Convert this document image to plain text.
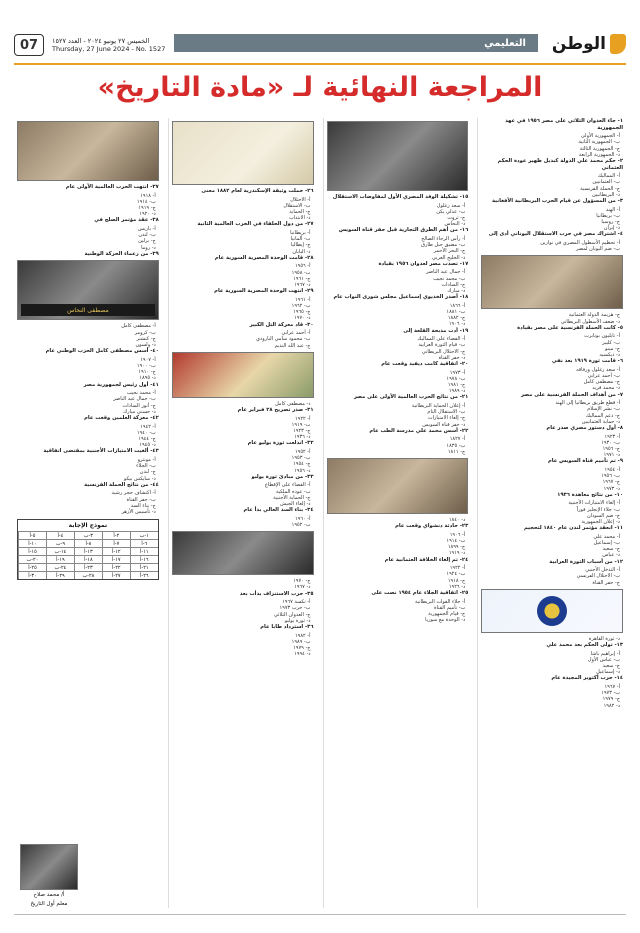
07	الخميس ٢٧ يونيو ٢٠٢٤ - العدد ١٥٢٧
Thursday, 27 June 2024 - No. 1527
التعليمي	الوطن
المراجعة النهائية لـ «مادة التاريخ»
١- جاء العدوان الثلاثي على مصر ١٩٥٦ في عهد الجمهورية
أ- الجمهورية الأولى
ب- الجمهورية الثانية
ج- الجمهورية الثالثة
د- الجمهورية الرابعة
٢- حكم محمد علي الدولة كبديل ظهير عودة الحكم العثماني
أ- المماليك
ب- العثمانيين
ج- الحملة الفرنسية
د- البريطانيين
٣- من المسؤول عن قيام الحرب البريطانية الأفغانية
أ- الهند
ب- بريطانيا
ج- روسيا
د- إيران
٤- اشتراك مصر في حرب الاستقلال اليوناني أدى إلى
أ- تحطيم الأسطول المصري في نوارين
ب- ضم اليونان لمصر
ج- هزيمة الدولة العثمانية
د- ضعف الأسطول البريطاني
٥- كانت الحملة الفرنسية على مصر بقيادة
أ- نابليون بونابرت
ب- كليبر
ج- مينو
د- ديكسيه
٦- قامت ثورة ١٩١٩ بعد نفي
أ- سعد زغلول ورفاقه
ب- أحمد عرابي
ج- مصطفى كامل
د- محمد فريد
٧- من أهداف الحملة الفرنسية على مصر
أ- قطع طريق بريطانيا إلى الهند
ب- نشر الإسلام
ج- دعم المماليك
د- حماية العثمانيين
٨- أول دستور مصري صدر عام
أ- ١٩٢٣
ب- ١٩٣٠
ج- ١٩٥٦
د- ١٩٧١
٩- تم تأميم قناة السويس عام
أ- ١٩٥٤
ب- ١٩٥٦
ج- ١٩٦٧
د- ١٩٧٣
١٠- من نتائج معاهدة ١٩٣٦
أ- إلغاء الامتيازات الأجنبية
ب- جلاء الإنجليز فوراً
ج- ضم السودان
د- إعلان الجمهورية
١١- انعقد مؤتمر لندن عام ١٨٤٠ لتحجيم
أ- محمد علي
ب- إسماعيل
ج- سعيد
د- عباس
١٢- من أسباب الثورة العرابية
أ- التدخل الأجنبي
ب- الاحتلال الفرنسي
ج- حفر القناة
د- ثورة القاهرة
١٣- تولى الحكم بعد محمد علي
أ- إبراهيم باشا
ب- عباس الأول
ج- سعيد
د- إسماعيل
١٤- حرب أكتوبر المجيدة عام
أ- ١٩٦٧
ب- ١٩٧٣
ج- ١٩٧٩
د- ١٩٨٢
١٥- تشكيلة الوفد المصري الأول لمفاوضات الاستقلال
أ- سعد زغلول
ب- عدلي يكن
ج- ثروت
د- النحاس
١٦- من أهم الطرق التجارية قبل حفر قناة السويس
أ- رأس الرجاء الصالح
ب- مضيق جبل طارق
ج- البحر الأحمر
د- الخليج العربي
١٧- تصدت مصر لعدوان ١٩٥٦ بقيادة
أ- جمال عبد الناصر
ب- محمد نجيب
ج- السادات
د- مبارك
١٨- أصدر الخديوي إسماعيل مجلس شورى النواب عام
أ- ١٨٦٦
ب- ١٨٨١
ج- ١٨٨٢
د- ١٩٠٦
١٩- أدت مذبحة القلعة إلى
أ- القضاء على المماليك
ب- قيام الثورة العرابية
ج- الاحتلال البريطاني
د- حفر القناة
٢٠- اتفاقية كامب ديفيد وقعت عام
أ- ١٩٧٣
ب- ١٩٧٨
ج- ١٩٨١
د- ١٩٨٩
٢١- من نتائج الحرب العالمية الأولى على مصر
أ- إعلان الحماية البريطانية
ب- الاستقلال التام
ج- إلغاء الامتيازات
د- حفر قناة السويس
٢٢- أسس محمد علي مدرسة الطب عام
أ- ١٨٢٧
ب- ١٨٣٥
ج- ١٨١١
د- ١٨٤٠
٢٣- حادثة دنشواي وقعت عام
أ- ١٩٠٦
ب- ١٩١٤
ج- ١٨٩٩
د- ١٩١٩
٢٤- تم إلغاء الخلافة العثمانية عام
أ- ١٩٢٢
ب- ١٩٢٤
ج- ١٩١٨
د- ١٩٢٦
٢٥- اتفاقية الجلاء عام ١٩٥٤ نصت على
أ- جلاء القوات البريطانية
ب- تأميم القناة
ج- قيام الجمهورية
د- الوحدة مع سوريا
٢٦- حملت وثيقة الإسكندرية لعام ١٨٨٢ معنى
أ- الاحتلال
ب- الاستقلال
ج- الحماية
د- الانتداب
٢٧- من دول الحلفاء في الحرب العالمية الثانية
أ- بريطانيا
ب- ألمانيا
ج- إيطاليا
د- اليابان
٢٨- قامت الوحدة المصرية السورية عام
أ- ١٩٥٦
ب- ١٩٥٨
ج- ١٩٦١
د- ١٩٦٧
٢٩- انتهت الوحدة المصرية السورية عام
أ- ١٩٦١
ب- ١٩٦٢
ج- ١٩٦٥
د- ١٩٧٠
٣٠- قاد معركة التل الكبير
أ- أحمد عرابي
ب- محمود سامي البارودي
ج- عبد الله النديم
د- مصطفى كامل
٣١- صدر تصريح ٢٨ فبراير عام
أ- ١٩٢٢
ب- ١٩١٩
ج- ١٩٢٣
د- ١٩٣٦
٣٢- اندلعت ثورة يوليو عام
أ- ١٩٥٢
ب- ١٩٥٣
ج- ١٩٥٤
د- ١٩٥٦
٣٣- من مبادئ ثورة يوليو
أ- القضاء على الإقطاع
ب- عودة الملكية
ج- الحماية الأجنبية
د- إلغاء الجيش
٣٤- بناء السد العالي بدأ عام
أ- ١٩٦٠
ب- ١٩٥٢
ج- ١٩٧٠
د- ١٩٦٧
٣٥- حرب الاستنزاف بدأت بعد
أ- نكسة ١٩٦٧
ب- حرب ١٩٧٣
ج- العدوان الثلاثي
د- ثورة يوليو
٣٦- استرداد طابا عام
أ- ١٩٨٢
ب- ١٩٨٩
ج- ١٩٧٩
د- ١٩٩٤
٣٧- انتهت الحرب العالمية الأولى عام
أ- ١٩١٨
ب- ١٩١٤
ج- ١٩١٩
د- ١٩٢٠
٣٨- عقد مؤتمر الصلح في
أ- باريس
ب- لندن
ج- برلين
د- روما
٣٩- من زعماء الحركة الوطنية
مصطفى النحاس
أ- مصطفى كامل
ب- كرومر
ج- كتشنر
د- ولسون
٤٠- أسس مصطفى كامل الحزب الوطني عام
أ- ١٩٠٧
ب- ١٩٠٠
ج- ١٩١٠
د- ١٨٩٥
٤١- أول رئيس لجمهورية مصر
أ- محمد نجيب
ب- جمال عبد الناصر
ج- أنور السادات
د- حسني مبارك
٤٢- معركة العلمين وقعت عام
أ- ١٩٤٢
ب- ١٩٤٠
ج- ١٩٤٤
د- ١٩٤٥
٤٣- ألغيت الامتيازات الأجنبية بمقتضى اتفاقية
أ- مونترو
ب- الجلاء
ج- لندن
د- سايكس بيكو
٤٤- من نتائج الحملة الفرنسية
أ- اكتشاف حجر رشيد
ب- حفر القناة
ج- بناء السد
د- تأسيس الأزهر
نموذج الإجابة
١-ب
٢-أ
٣-ب
٤-أ
٥-أ
٦-أ
٧-أ
٨-أ
٩-ب
١٠-أ
١١-أ
١٢-أ
١٣-أ
١٤-ب
١٥-أ
١٦-أ
١٧-أ
١٨-أ
١٩-أ
٢٠-ب
٢١-أ
٢٢-أ
٢٣-أ
٢٤-ب
٢٥-أ
٢٦-أ
٢٧-أ
٢٨-ب
٢٩-أ
٣٠-أ
أ/ محمد صلاح
معلم أول التاريخ
